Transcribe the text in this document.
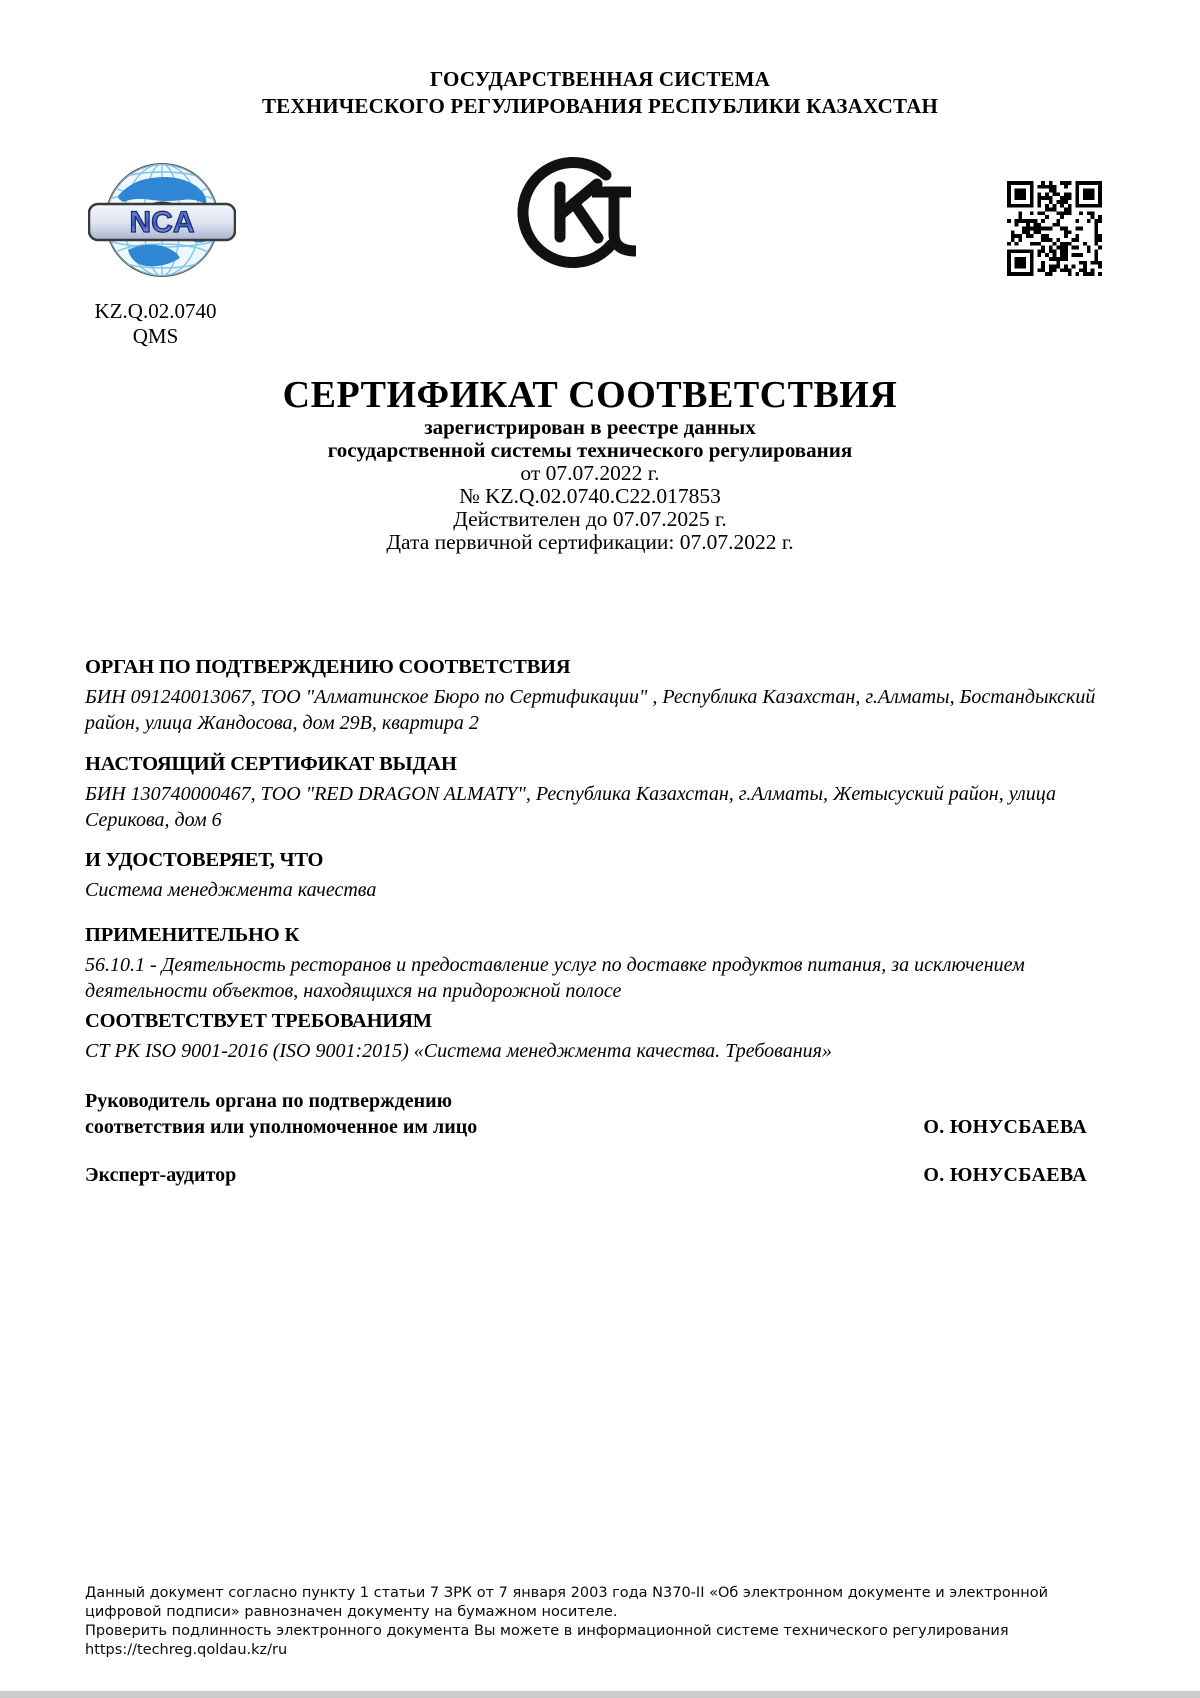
ГОСУДАРСТВЕННАЯ СИСТЕМА
ТЕХНИЧЕСКОГО РЕГУЛИРОВАНИЯ РЕСПУБЛИКИ КАЗАХСТАН
NCA
KZ.Q.02.0740
QMS
СЕРТИФИКАТ СООТВЕТСТВИЯ
зарегистрирован в реестре данных
государственной системы технического регулирования
от 07.07.2022 г.
№ KZ.Q.02.0740.C22.017853
Действителен до 07.07.2025 г.
Дата первичной сертификации: 07.07.2022 г.
ОРГАН ПО ПОДТВЕРЖДЕНИЮ СООТВЕТСТВИЯ

БИН 091240013067, ТОО "Алматинское Бюро по Сертификации" , Республика Казахстан, г.Алматы, Бостандыкский район, улица Жандосова, дом 29В, квартира 2

НАСТОЯЩИЙ СЕРТИФИКАТ ВЫДАН

БИН 130740000467, ТОО "RED DRAGON ALMATY", Республика Казахстан, г.Алматы, Жетысуский район, улица Серикова, дом 6

И УДОСТОВЕРЯЕТ, ЧТО

Система менеджмента качества

ПРИМЕНИТЕЛЬНО К

56.10.1 - Деятельность ресторанов и предоставление услуг по доставке продуктов питания, за исключением деятельности объектов, находящихся на придорожной полосе

СООТВЕТСТВУЕТ ТРЕБОВАНИЯМ

СТ РК ISO 9001-2016 (ISO 9001:2015) «Система менеджмента качества. Требования»

Руководитель органа по подтверждению
соответствия или уполномоченное им лицо	О. ЮНУСБАЕВА
Эксперт-аудитор	О. ЮНУСБАЕВА

Данный документ согласно пункту 1 статьи 7 ЗРК от 7 января 2003 года N370-II «Об электронном документе и электронной цифровой подписи» равнозначен документу на бумажном носителе.

Проверить подлинность электронного документа Вы можете в информационной системе технического регулирования

https://techreg.qoldau.kz/ru
